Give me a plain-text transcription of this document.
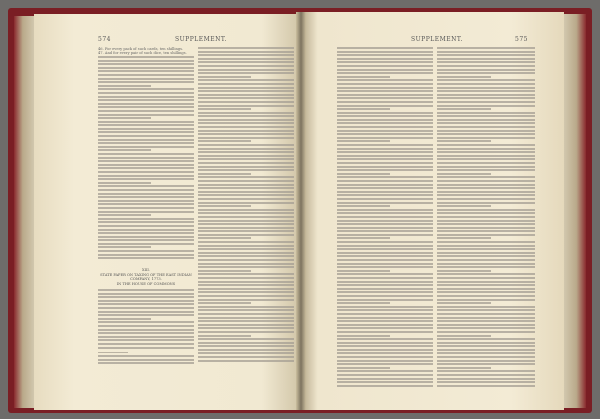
574	SUPPLEMENT.	SUPPLEMENT.	575
46. For every pack of such cards, ten shillings.
47. And for every pair of such dice, ten shillings.
XIII.
STATE PAPER ON TAXING OF THE EAST INDIAN COMPANY, 1773.
IN THE HOUSE OF COMMONS
